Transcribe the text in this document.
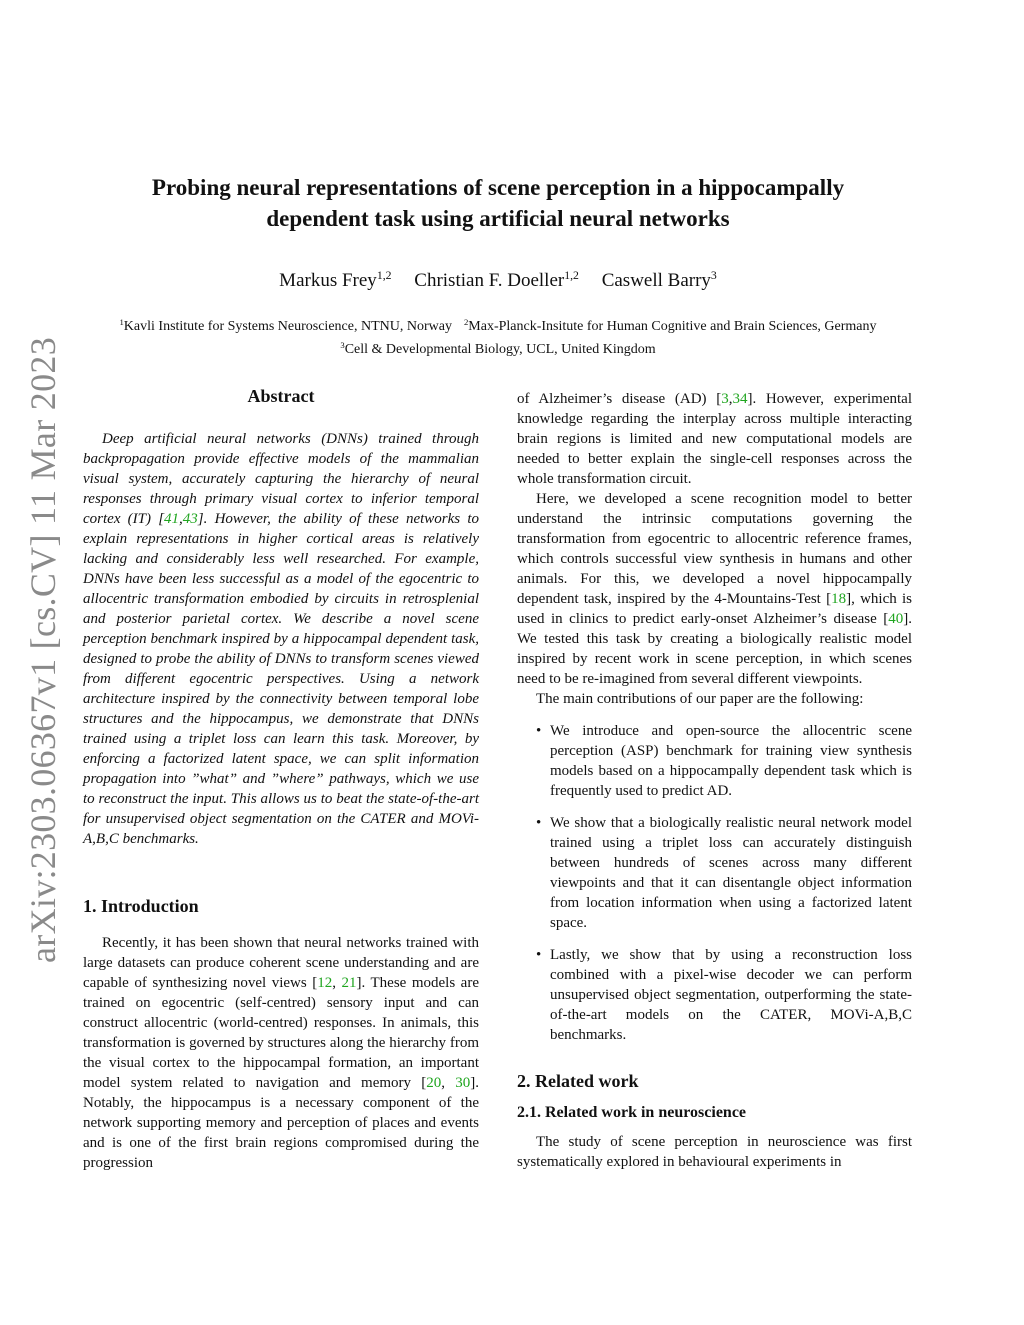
arXiv:2303.06367v1 [cs.CV] 11 Mar 2023
Probing neural representations of scene perception in a hippocampally
dependent task using artificial neural networks
Markus Frey$^{1,2}$ Christian F. Doeller$^{1,2}$ Caswell Barry$^3$
$^1$Kavli Institute for Systems Neuroscience, NTNU, Norway $^2$Max-Planck-Insitute for Human Cognitive and Brain Sciences, Germany
$^3$Cell & Developmental Biology, UCL, United Kingdom
Abstract

Deep artificial neural networks (DNNs) trained through backpropagation provide effective models of the mammalian visual system, accurately capturing the hierarchy of neural responses through primary visual cortex to inferior temporal cortex (IT) [41,43]. However, the ability of these networks to explain representations in higher cortical areas is relatively lacking and considerably less well researched. For example, DNNs have been less successful as a model of the egocentric to allocentric transformation embodied by circuits in retrosplenial and posterior parietal cortex. We describe a novel scene perception benchmark inspired by a hippocampal dependent task, designed to probe the ability of DNNs to transform scenes viewed from different egocentric perspectives. Using a network architecture inspired by the connectivity between temporal lobe structures and the hippocampus, we demonstrate that DNNs trained using a triplet loss can learn this task. Moreover, by enforcing a factorized latent space, we can split information propagation into ”what” and ”where” pathways, which we use to reconstruct the input. This allows us to beat the state-of-the-art for unsupervised object segmentation on the CATER and MOVi-A,B,C benchmarks.

1. Introduction

Recently, it has been shown that neural networks trained with large datasets can produce coherent scene understanding and are capable of synthesizing novel views [12, 21]. These models are trained on egocentric (self-centred) sensory input and can construct allocentric (world-centred) responses. In animals, this transformation is governed by structures along the hierarchy from the visual cortex to the hippocampal formation, an important model system related to navigation and memory [20, 30]. Notably, the hippocampus is a necessary component of the network supporting memory and perception of places and events and is one of the first brain regions compromised during the progression

of Alzheimer’s disease (AD) [3,34]. However, experimental knowledge regarding the interplay across multiple interacting brain regions is limited and new computational models are needed to better explain the single-cell responses across the whole transformation circuit.

Here, we developed a scene recognition model to better understand the intrinsic computations governing the transformation from egocentric to allocentric reference frames, which controls successful view synthesis in humans and other animals. For this, we developed a novel hippocampally dependent task, inspired by the 4-Mountains-Test [18], which is used in clinics to predict early-onset Alzheimer’s disease [40]. We tested this task by creating a biologically realistic model inspired by recent work in scene perception, in which scenes need to be re-imagined from several different viewpoints.

The main contributions of our paper are the following:

• We introduce and open-source the allocentric scene perception (ASP) benchmark for training view synthesis models based on a hippocampally dependent task which is frequently used to predict AD.
• We show that a biologically realistic neural network model trained using a triplet loss can accurately distinguish between hundreds of scenes across many different viewpoints and that it can disentangle object information from location information when using a factorized latent space.
• Lastly, we show that by using a reconstruction loss combined with a pixel-wise decoder we can perform unsupervised object segmentation, outperforming the state-of-the-art models on the CATER, MOVi-A,B,C benchmarks.
2. Related work
2.1. Related work in neuroscience

The study of scene perception in neuroscience was first systematically explored in behavioural experiments in
